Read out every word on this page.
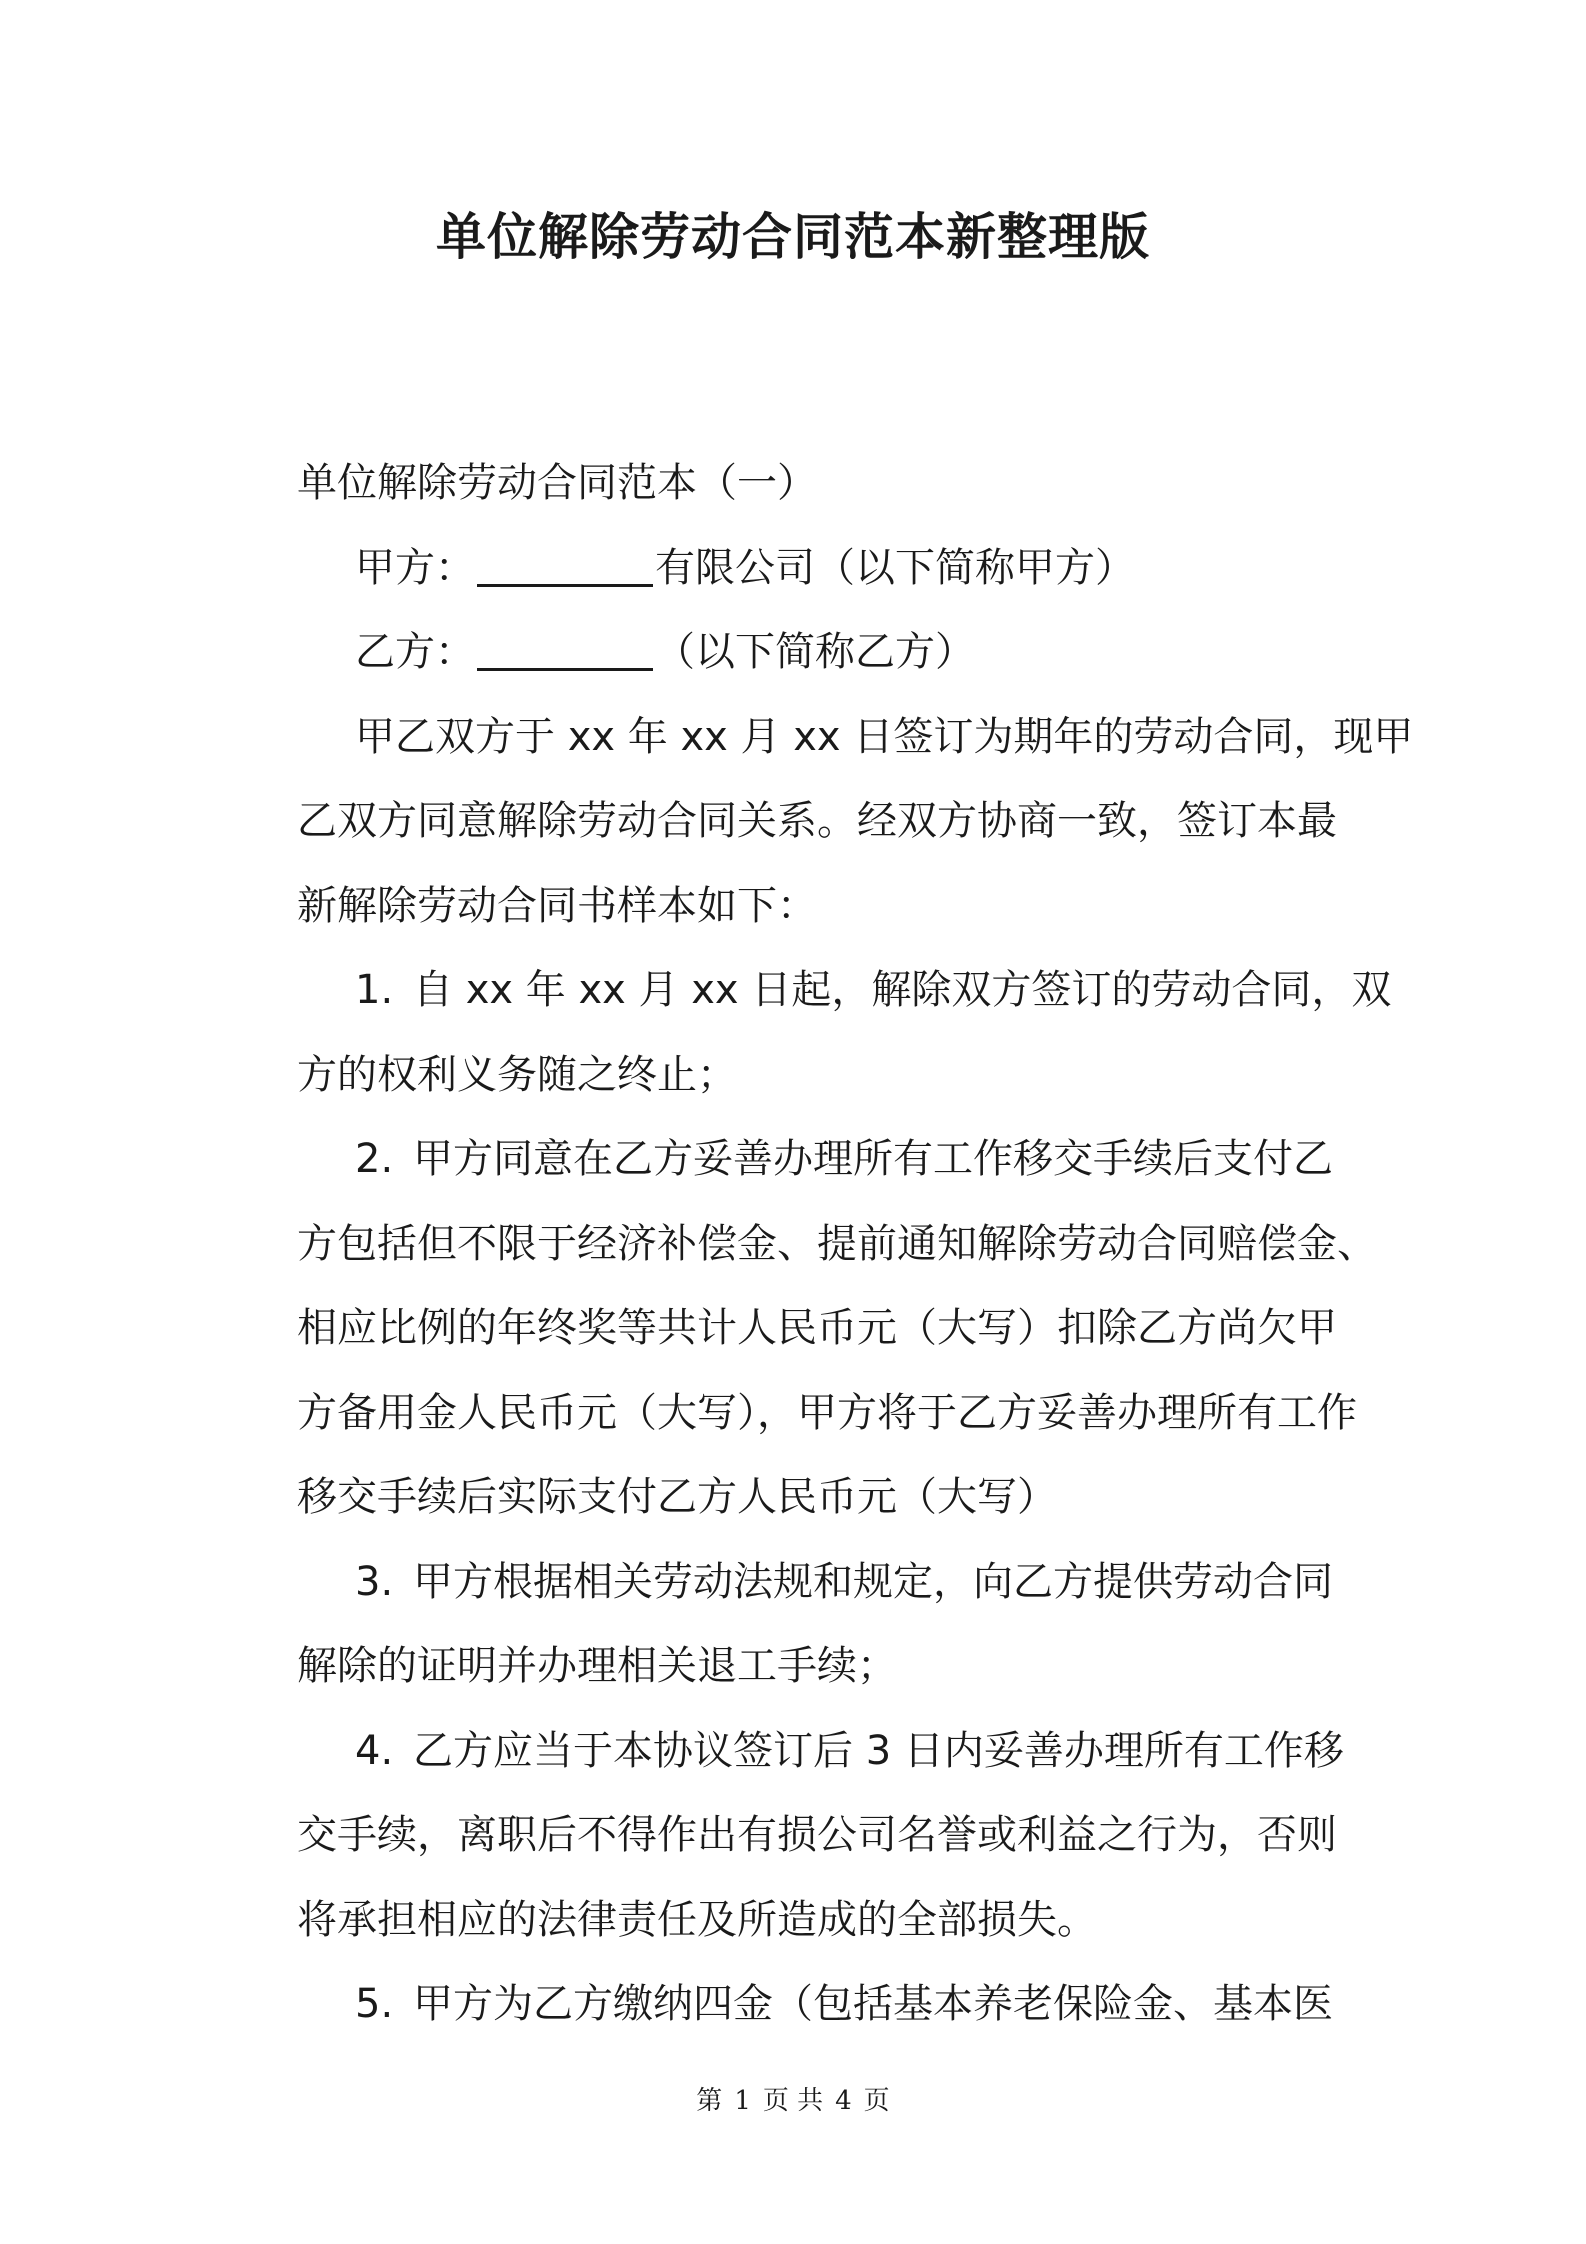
单位解除劳动合同范本新整理版
单位解除劳动合同范本（一）
甲方：	有限公司（以下简称甲方）
乙方：	（以下简称乙方）
甲乙双方于 xx 年 xx 月 xx 日签订为期年的劳动合同，现甲
乙双方同意解除劳动合同关系。经双方协商一致，签订本最
新解除劳动合同书样本如下：
1. 自 xx 年 xx 月 xx 日起，解除双方签订的劳动合同，双
方的权利义务随之终止；
2. 甲方同意在乙方妥善办理所有工作移交手续后支付乙
方包括但不限于经济补偿金、提前通知解除劳动合同赔偿金、
相应比例的年终奖等共计人民币元（大写）扣除乙方尚欠甲
方备用金人民币元（大写），甲方将于乙方妥善办理所有工作
移交手续后实际支付乙方人民币元（大写）
3. 甲方根据相关劳动法规和规定，向乙方提供劳动合同
解除的证明并办理相关退工手续；
4. 乙方应当于本协议签订后 3 日内妥善办理所有工作移
交手续，离职后不得作出有损公司名誉或利益之行为，否则
将承担相应的法律责任及所造成的全部损失。
5. 甲方为乙方缴纳四金（包括基本养老保险金、基本医
第 1 页 共 4 页
